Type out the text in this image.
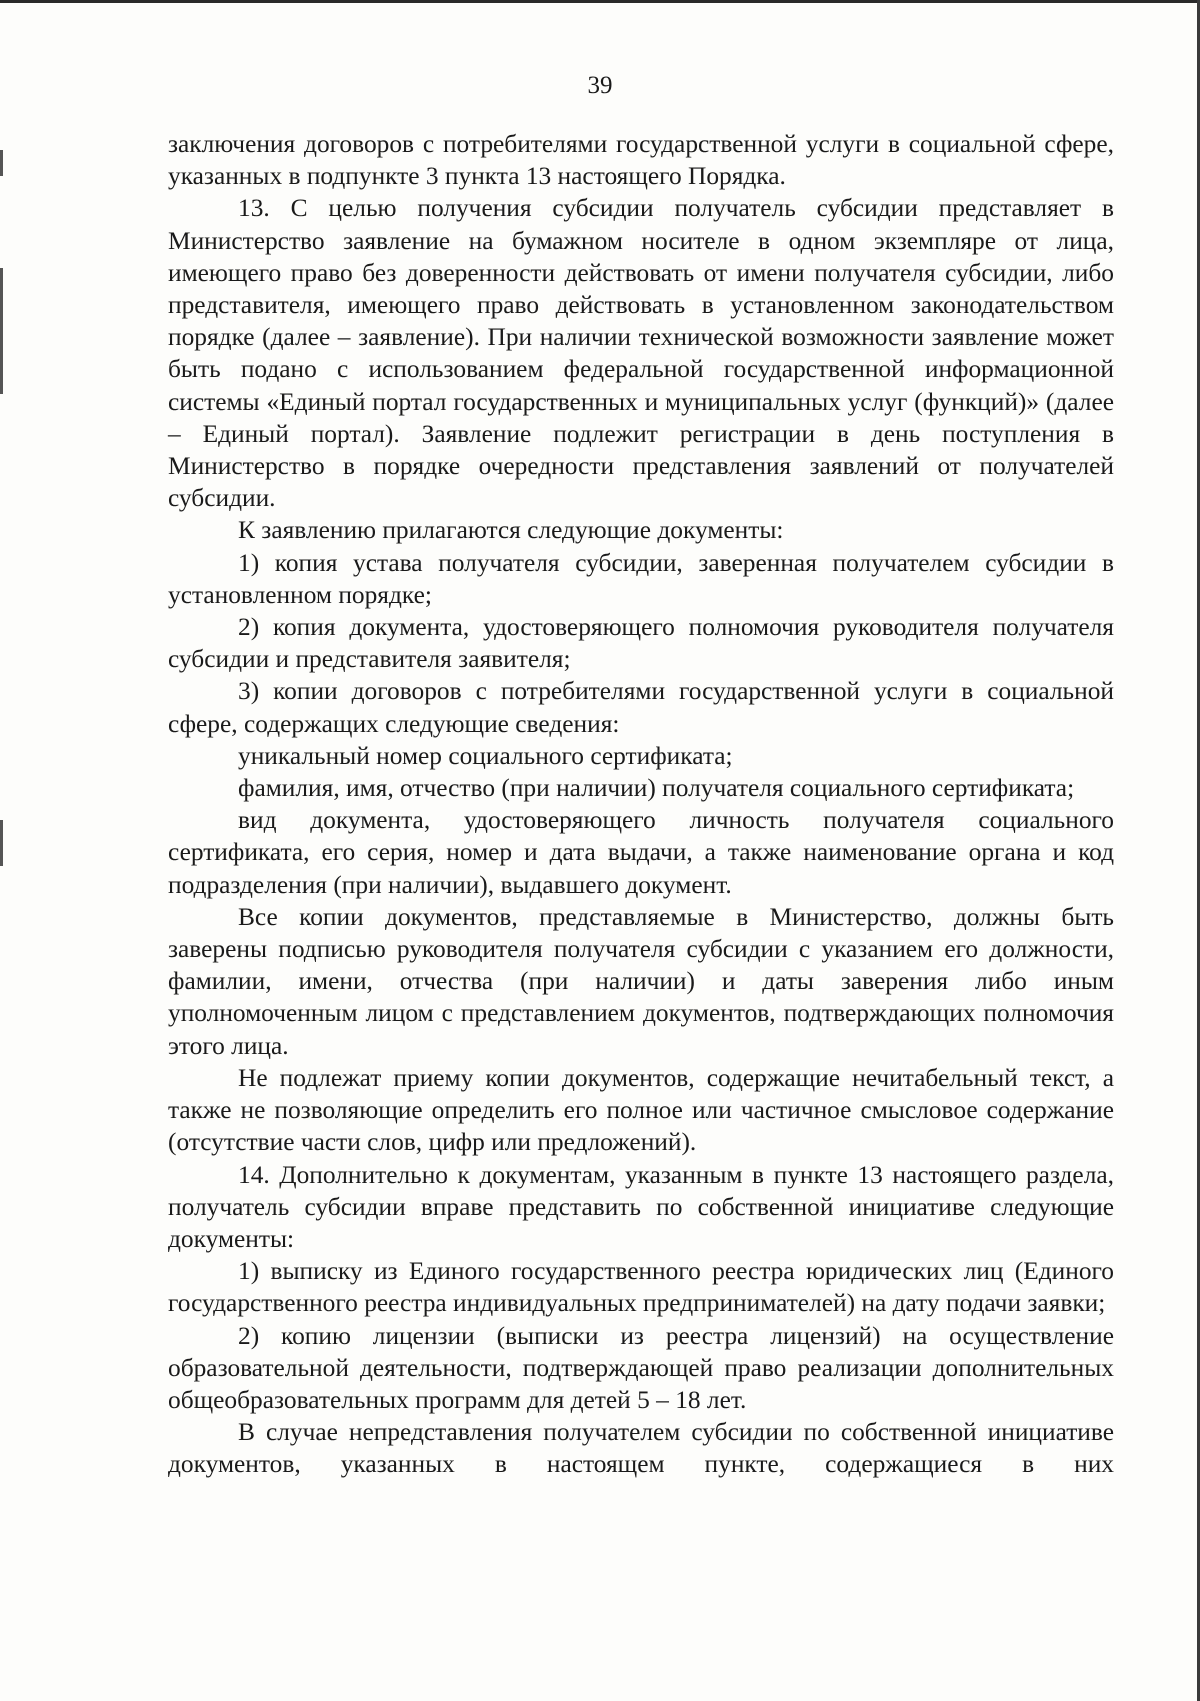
39

заключения договоров с потребителями государственной услуги в социальной сфере, указанных в подпункте 3 пункта 13 настоящего Порядка.

13. С целью получения субсидии получатель субсидии представляет в Министерство заявление на бумажном носителе в одном экземпляре от лица, имеющего право без доверенности действовать от имени получателя субсидии, либо представителя, имеющего право действовать в установленном законодательством порядке (далее – заявление). При наличии технической возможности заявление может быть подано с использованием федеральной государственной информационной системы «Единый портал государственных и муниципальных услуг (функций)» (далее – Единый портал). Заявление подлежит регистрации в день поступления в Министерство в порядке очередности представления заявлений от получателей субсидии.

К заявлению прилагаются следующие документы:

1) копия устава получателя субсидии, заверенная получателем субсидии в установленном порядке;

2) копия документа, удостоверяющего полномочия руководителя получателя субсидии и представителя заявителя;

3) копии договоров с потребителями государственной услуги в социальной сфере, содержащих следующие сведения:

уникальный номер социального сертификата;

фамилия, имя, отчество (при наличии) получателя социального сертификата;

вид документа, удостоверяющего личность получателя социального сертификата, его серия, номер и дата выдачи, а также наименование органа и код подразделения (при наличии), выдавшего документ.

Все копии документов, представляемые в Министерство, должны быть заверены подписью руководителя получателя субсидии с указанием его должности, фамилии, имени, отчества (при наличии) и даты заверения либо иным уполномоченным лицом с представлением документов, подтверждающих полномочия этого лица.

Не подлежат приему копии документов, содержащие нечитабельный текст, а также не позволяющие определить его полное или частичное смысловое содержание (отсутствие части слов, цифр или предложений).

14. Дополнительно к документам, указанным в пункте 13 настоящего раздела, получатель субсидии вправе представить по собственной инициативе следующие документы:

1) выписку из Единого государственного реестра юридических лиц (Единого государственного реестра индивидуальных предпринимателей) на дату подачи заявки;

2) копию лицензии (выписки из реестра лицензий) на осуществление образовательной деятельности, подтверждающей право реализации дополнительных общеобразовательных программ для детей 5 – 18 лет.

В случае непредставления получателем субсидии по собственной инициативе документов, указанных в настоящем пункте, содержащиеся в них
